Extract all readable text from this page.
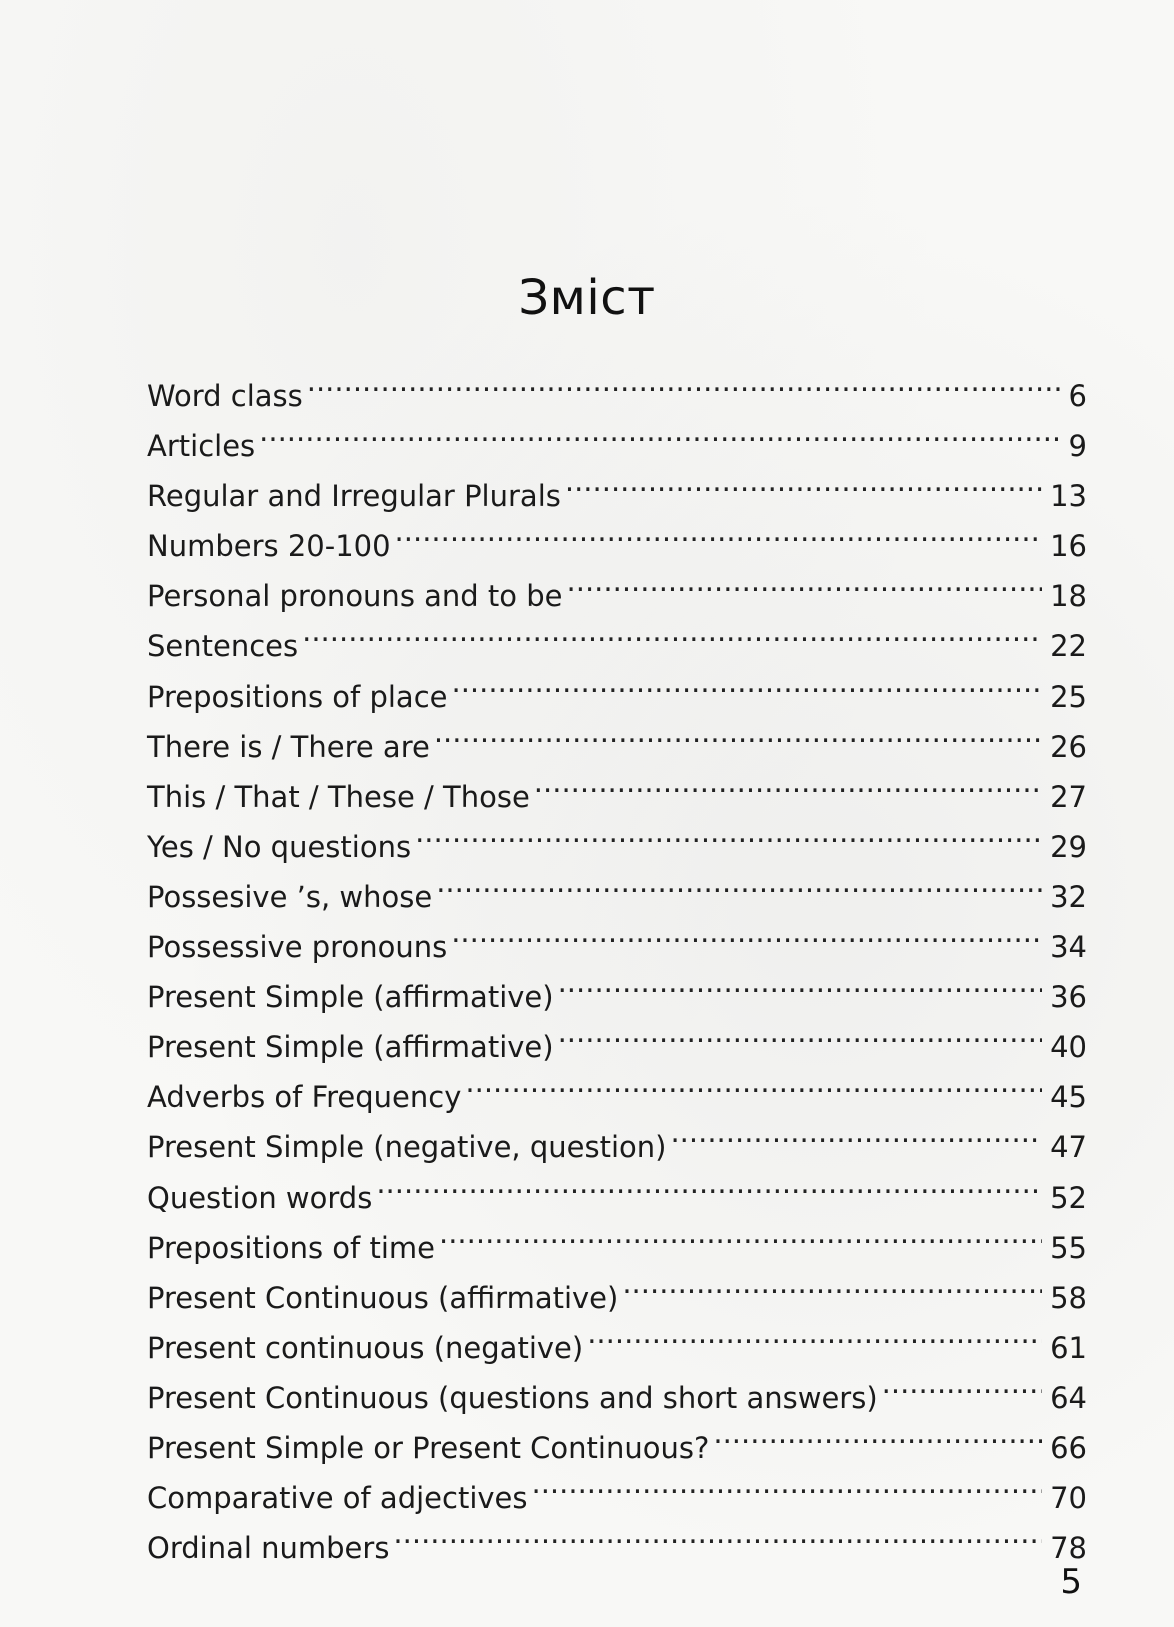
Зміст
Word class .....	6
Articles .....	9
Regular and Irregular Plurals .....	13
Numbers 20-100 .....	16
Personal pronouns and to be .....	18
Sentences .....	22
Prepositions of place .....	25
There is / There are .....	26
This / That / These / Those .....	27
Yes / No questions .....	29
Possesive ’s, whose .....	32
Possessive pronouns .....	34
Present Simple (affirmative) .....	36
Present Simple (affirmative) .....	40
Adverbs of Frequency .....	45
Present Simple (negative, question) .....	47
Question words .....	52
Prepositions of time .....	55
Present Continuous (affirmative) .....	58
Present continuous (negative) .....	61
Present Continuous (questions and short answers) .....	64
Present Simple or Present Continuous? .....	66
Comparative of adjectives .....	70
Ordinal numbers .....	78
5
